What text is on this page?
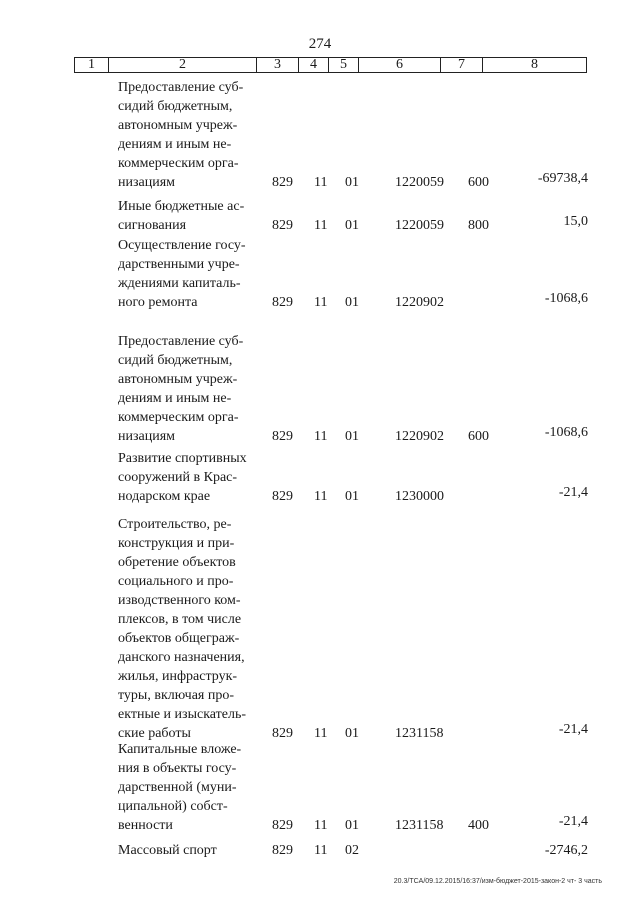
274
1	2	3	4	5	6	7	8
Предоставление суб-
сидий бюджетным,
автономным учреж-
дениям и иным не-
коммерческим орга-
низациям	829 11 01	1220059 600	-69738,4
Иные бюджетные ас-
сигнования	829 11 01	1220059 800	15,0
Осуществление госу-
дарственными учре-
ждениями капиталь-
ного ремонта	829 11 01	1220902	-1068,6
Предоставление суб-
сидий бюджетным,
автономным учреж-
дениям и иным не-
коммерческим орга-
низациям	829 11 01	1220902 600	-1068,6
Развитие спортивных
сооружений в Крас-
нодарском крае	829 11 01	1230000	-21,4
Строительство, ре-
конструкция и при-
обретение объектов
социального и про-
изводственного ком-
плексов, в том числе
объектов общеграж-
данского назначения,
жилья, инфраструк-
туры, включая про-
ектные и изыскатель-
ские работы	829 11 01	1231158	-21,4
Капитальные вложе-
ния в объекты госу-
дарственной (муни-
ципальной) собст-
венности	829 11 01	1231158 400	-21,4
Массовый спорт	829 11 02	-2746,2
20.3/TCA/09.12.2015/16:37/изм-бюджет-2015-закон-2 чт- 3 часть
